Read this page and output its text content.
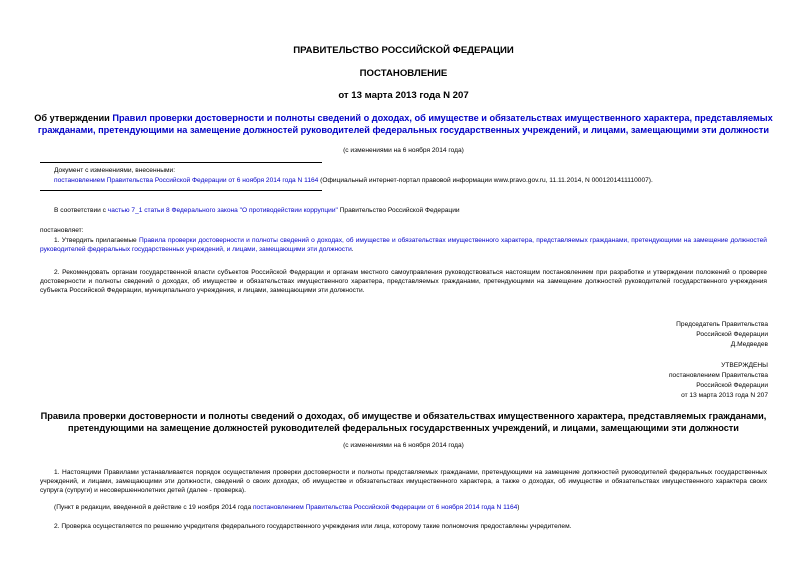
ПРАВИТЕЛЬСТВО РОССИЙСКОЙ ФЕДЕРАЦИИ
ПОСТАНОВЛЕНИЕ
от 13 марта 2013 года N 207
Об утверждении Правил проверки достоверности и полноты сведений о доходах, об имуществе и обязательствах имущественного характера, представляемых гражданами, претендующими на замещение должностей руководителей федеральных государственных учреждений, и лицами, замещающими эти должности
(с изменениями на 6 ноября 2014 года)
Документ с изменениями, внесенными:
постановлением Правительства Российской Федерации от 6 ноября 2014 года N 1164 (Официальный интернет-портал правовой информации www.pravo.gov.ru, 11.11.2014, N 0001201411110007).
В соответствии с частью 7_1 статьи 8 Федерального закона "О противодействии коррупции" Правительство Российской Федерации
постановляет:
1. Утвердить прилагаемые Правила проверки достоверности и полноты сведений о доходах, об имуществе и обязательствах имущественного характера, представляемых гражданами, претендующими на замещение должностей руководителей федеральных государственных учреждений, и лицами, замещающими эти должности.
2. Рекомендовать органам государственной власти субъектов Российской Федерации и органам местного самоуправления руководствоваться настоящим постановлением при разработке и утверждении положений о проверке достоверности и полноты сведений о доходах, об имуществе и обязательствах имущественного характера, представляемых гражданами, претендующими на замещение должностей руководителей государственного учреждения субъекта Российской Федерации, муниципального учреждения, и лицами, замещающими эти должности.
Председатель Правительства
Российской Федерации
Д.Медведев
УТВЕРЖДЕНЫ
постановлением Правительства
Российской Федерации
от 13 марта 2013 года N 207
Правила проверки достоверности и полноты сведений о доходах, об имуществе и обязательствах имущественного характера, представляемых гражданами, претендующими на замещение должностей руководителей федеральных государственных учреждений, и лицами, замещающими эти должности
(с изменениями на 6 ноября 2014 года)
1. Настоящими Правилами устанавливается порядок осуществления проверки достоверности и полноты представляемых гражданами, претендующими на замещение должностей руководителей федеральных государственных учреждений, и лицами, замещающими эти должности, сведений о своих доходах, об имуществе и обязательствах имущественного характера, а также о доходах, об имуществе и обязательствах имущественного характера своих супруга (супруги) и несовершеннолетних детей (далее - проверка).
(Пункт в редакции, введенной в действие с 19 ноября 2014 года постановлением Правительства Российской Федерации от 6 ноября 2014 года N 1164)
2. Проверка осуществляется по решению учредителя федерального государственного учреждения или лица, которому такие полномочия предоставлены учредителем.
